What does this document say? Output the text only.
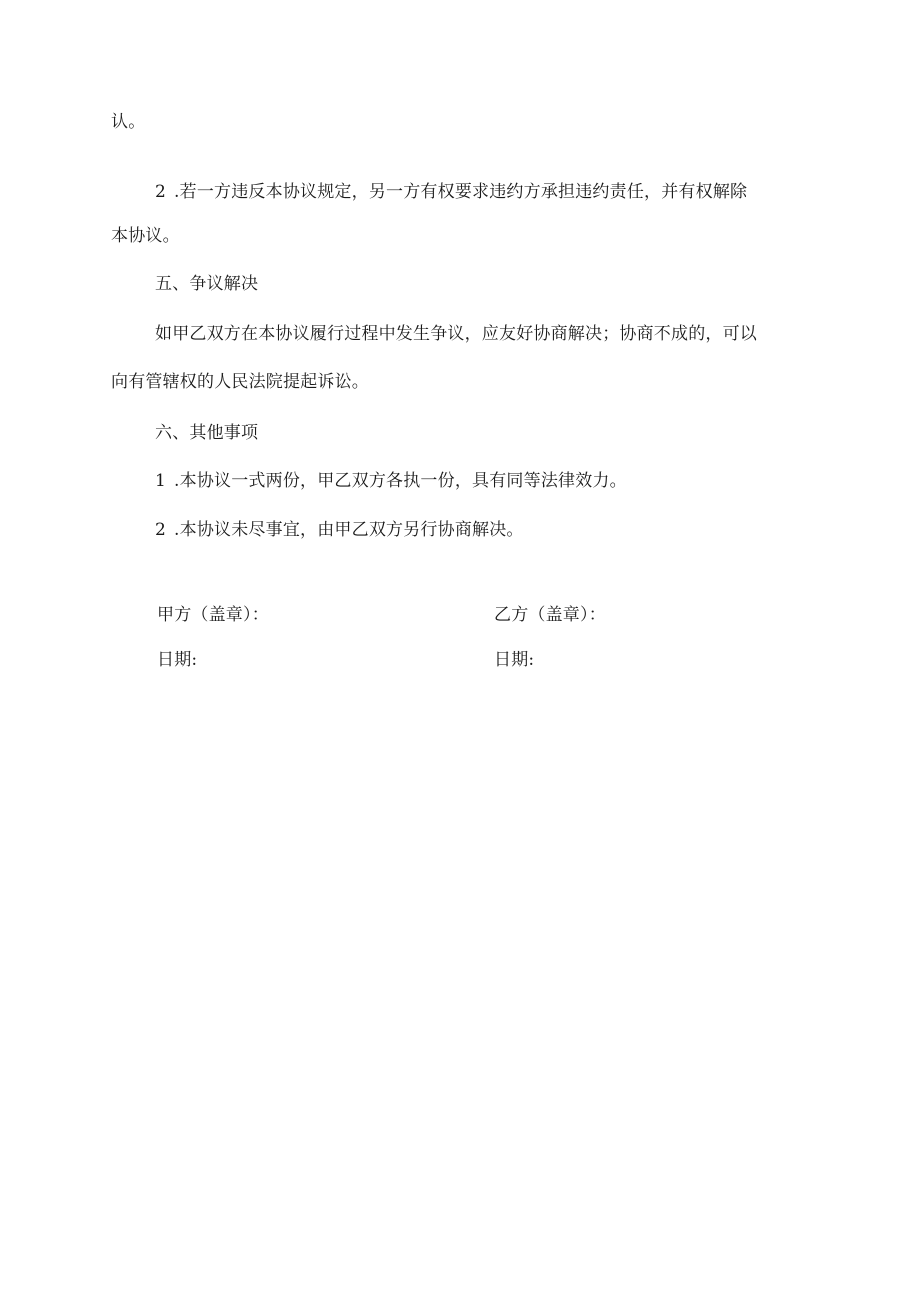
认。
2 .若一方违反本协议规定，另一方有权要求违约方承担违约责任，并有权解除
本协议。
五、争议解决
如甲乙双方在本协议履行过程中发生争议，应友好协商解决；协商不成的，可以
向有管辖权的人民法院提起诉讼。
六、其他事项
1 .本协议一式两份，甲乙双方各执一份，具有同等法律效力。
2 .本协议未尽事宜，由甲乙双方另行协商解决。
甲方（盖章）：	乙方（盖章）：
日期:	日期:
